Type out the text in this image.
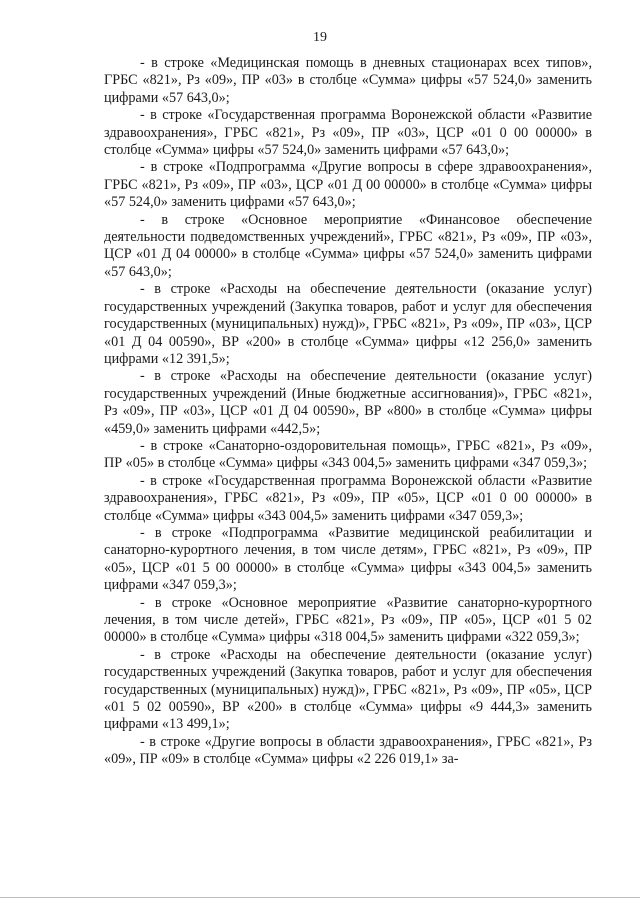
19

- в строке «Медицинская помощь в дневных стационарах всех типов», ГРБС «821», Рз «09», ПР «03» в столбце «Сумма» цифры «57 524,0» заменить цифрами «57 643,0»;

- в строке «Государственная программа Воронежской области «Развитие здравоохранения», ГРБС «821», Рз «09», ПР «03», ЦСР «01 0 00 00000» в столбце «Сумма» цифры «57 524,0» заменить цифрами «57 643,0»;

- в строке «Подпрограмма «Другие вопросы в сфере здравоохранения», ГРБС «821», Рз «09», ПР «03», ЦСР «01 Д 00 00000» в столбце «Сумма» цифры «57 524,0» заменить цифрами «57 643,0»;

- в строке «Основное мероприятие «Финансовое обеспечение деятельности подведомственных учреждений», ГРБС «821», Рз «09», ПР «03», ЦСР «01 Д 04 00000» в столбце «Сумма» цифры «57 524,0» заменить цифрами «57 643,0»;

- в строке «Расходы на обеспечение деятельности (оказание услуг) государственных учреждений (Закупка товаров, работ и услуг для обеспечения государственных (муниципальных) нужд)», ГРБС «821», Рз «09», ПР «03», ЦСР «01 Д 04 00590», ВР «200» в столбце «Сумма» цифры «12 256,0» заменить цифрами «12 391,5»;

- в строке «Расходы на обеспечение деятельности (оказание услуг) государственных учреждений (Иные бюджетные ассигнования)», ГРБС «821», Рз «09», ПР «03», ЦСР «01 Д 04 00590», ВР «800» в столбце «Сумма» цифры «459,0» заменить цифрами «442,5»;

- в строке «Санаторно-оздоровительная помощь», ГРБС «821», Рз «09», ПР «05» в столбце «Сумма» цифры «343 004,5» заменить цифрами «347 059,3»;

- в строке «Государственная программа Воронежской области «Развитие здравоохранения», ГРБС «821», Рз «09», ПР «05», ЦСР «01 0 00 00000» в столбце «Сумма» цифры «343 004,5» заменить цифрами «347 059,3»;

- в строке «Подпрограмма «Развитие медицинской реабилитации и санаторно-курортного лечения, в том числе детям», ГРБС «821», Рз «09», ПР «05», ЦСР «01 5 00 00000» в столбце «Сумма» цифры «343 004,5» заменить цифрами «347 059,3»;

- в строке «Основное мероприятие «Развитие санаторно-курортного лечения, в том числе детей», ГРБС «821», Рз «09», ПР «05», ЦСР «01 5 02 00000» в столбце «Сумма» цифры «318 004,5» заменить цифрами «322 059,3»;

- в строке «Расходы на обеспечение деятельности (оказание услуг) государственных учреждений (Закупка товаров, работ и услуг для обеспечения государственных (муниципальных) нужд)», ГРБС «821», Рз «09», ПР «05», ЦСР «01 5 02 00590», ВР «200» в столбце «Сумма» цифры «9 444,3» заменить цифрами «13 499,1»;

- в строке «Другие вопросы в области здравоохранения», ГРБС «821», Рз «09», ПР «09» в столбце «Сумма» цифры «2 226 019,1» за-
